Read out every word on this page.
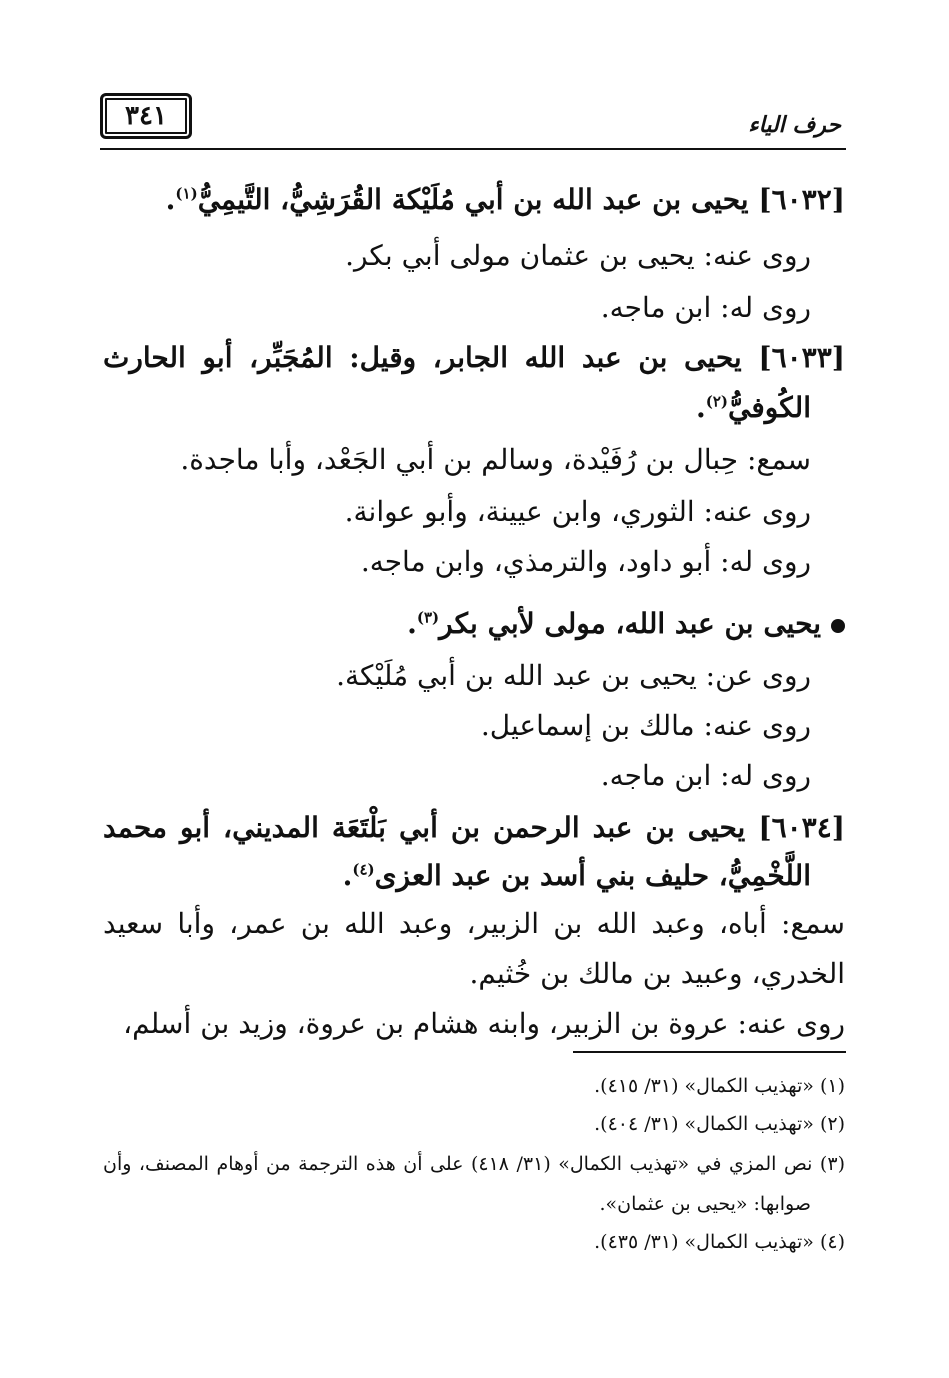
٣٤١	حرف الياء
[٦٠٣٢] يحيى بن عبد الله بن أبي مُلَيْكة القُرَشِيُّ، التَّيمِيُّ$^{(١)}$.
روى عنه: يحيى بن عثمان مولى أبي بكر.
روى له: ابن ماجه.
[٦٠٣٣] يحيى بن عبد الله الجابر، وقيل: المُجَبِّر، أبو الحارث
الكُوفيُّ$^{(٢)}$.
سمع: حِبال بن رُفَيْدة، وسالم بن أبي الجَعْد، وأبا ماجدة.
روى عنه: الثوري، وابن عيينة، وأبو عوانة.
روى له: أبو داود، والترمذي، وابن ماجه.
يحيى بن عبد الله، مولى لأبي بكر$^{(٣)}$.
روى عن: يحيى بن عبد الله بن أبي مُلَيْكة.
روى عنه: مالك بن إسماعيل.
روى له: ابن ماجه.
[٦٠٣٤] يحيى بن عبد الرحمن بن أبي بَلْتَعَة المديني، أبو محمد
اللَّخْمِيُّ، حليف بني أسد بن عبد العزى$^{(٤)}$.
سمع: أباه، وعبد الله بن الزبير، وعبد الله بن عمر، وأبا سعيد
الخدري، وعبيد بن مالك بن خُثيم.
روى عنه: عروة بن الزبير، وابنه هشام بن عروة، وزيد بن أسلم،
(١) «تهذيب الكمال» (٣١/ ٤١٥).
(٢) «تهذيب الكمال» (٣١/ ٤٠٤).
(٣) نص المزي في «تهذيب الكمال» (٣١/ ٤١٨) على أن هذه الترجمة من أوهام المصنف، وأن
صوابها: «يحيى بن عثمان».
(٤) «تهذيب الكمال» (٣١/ ٤٣٥).
